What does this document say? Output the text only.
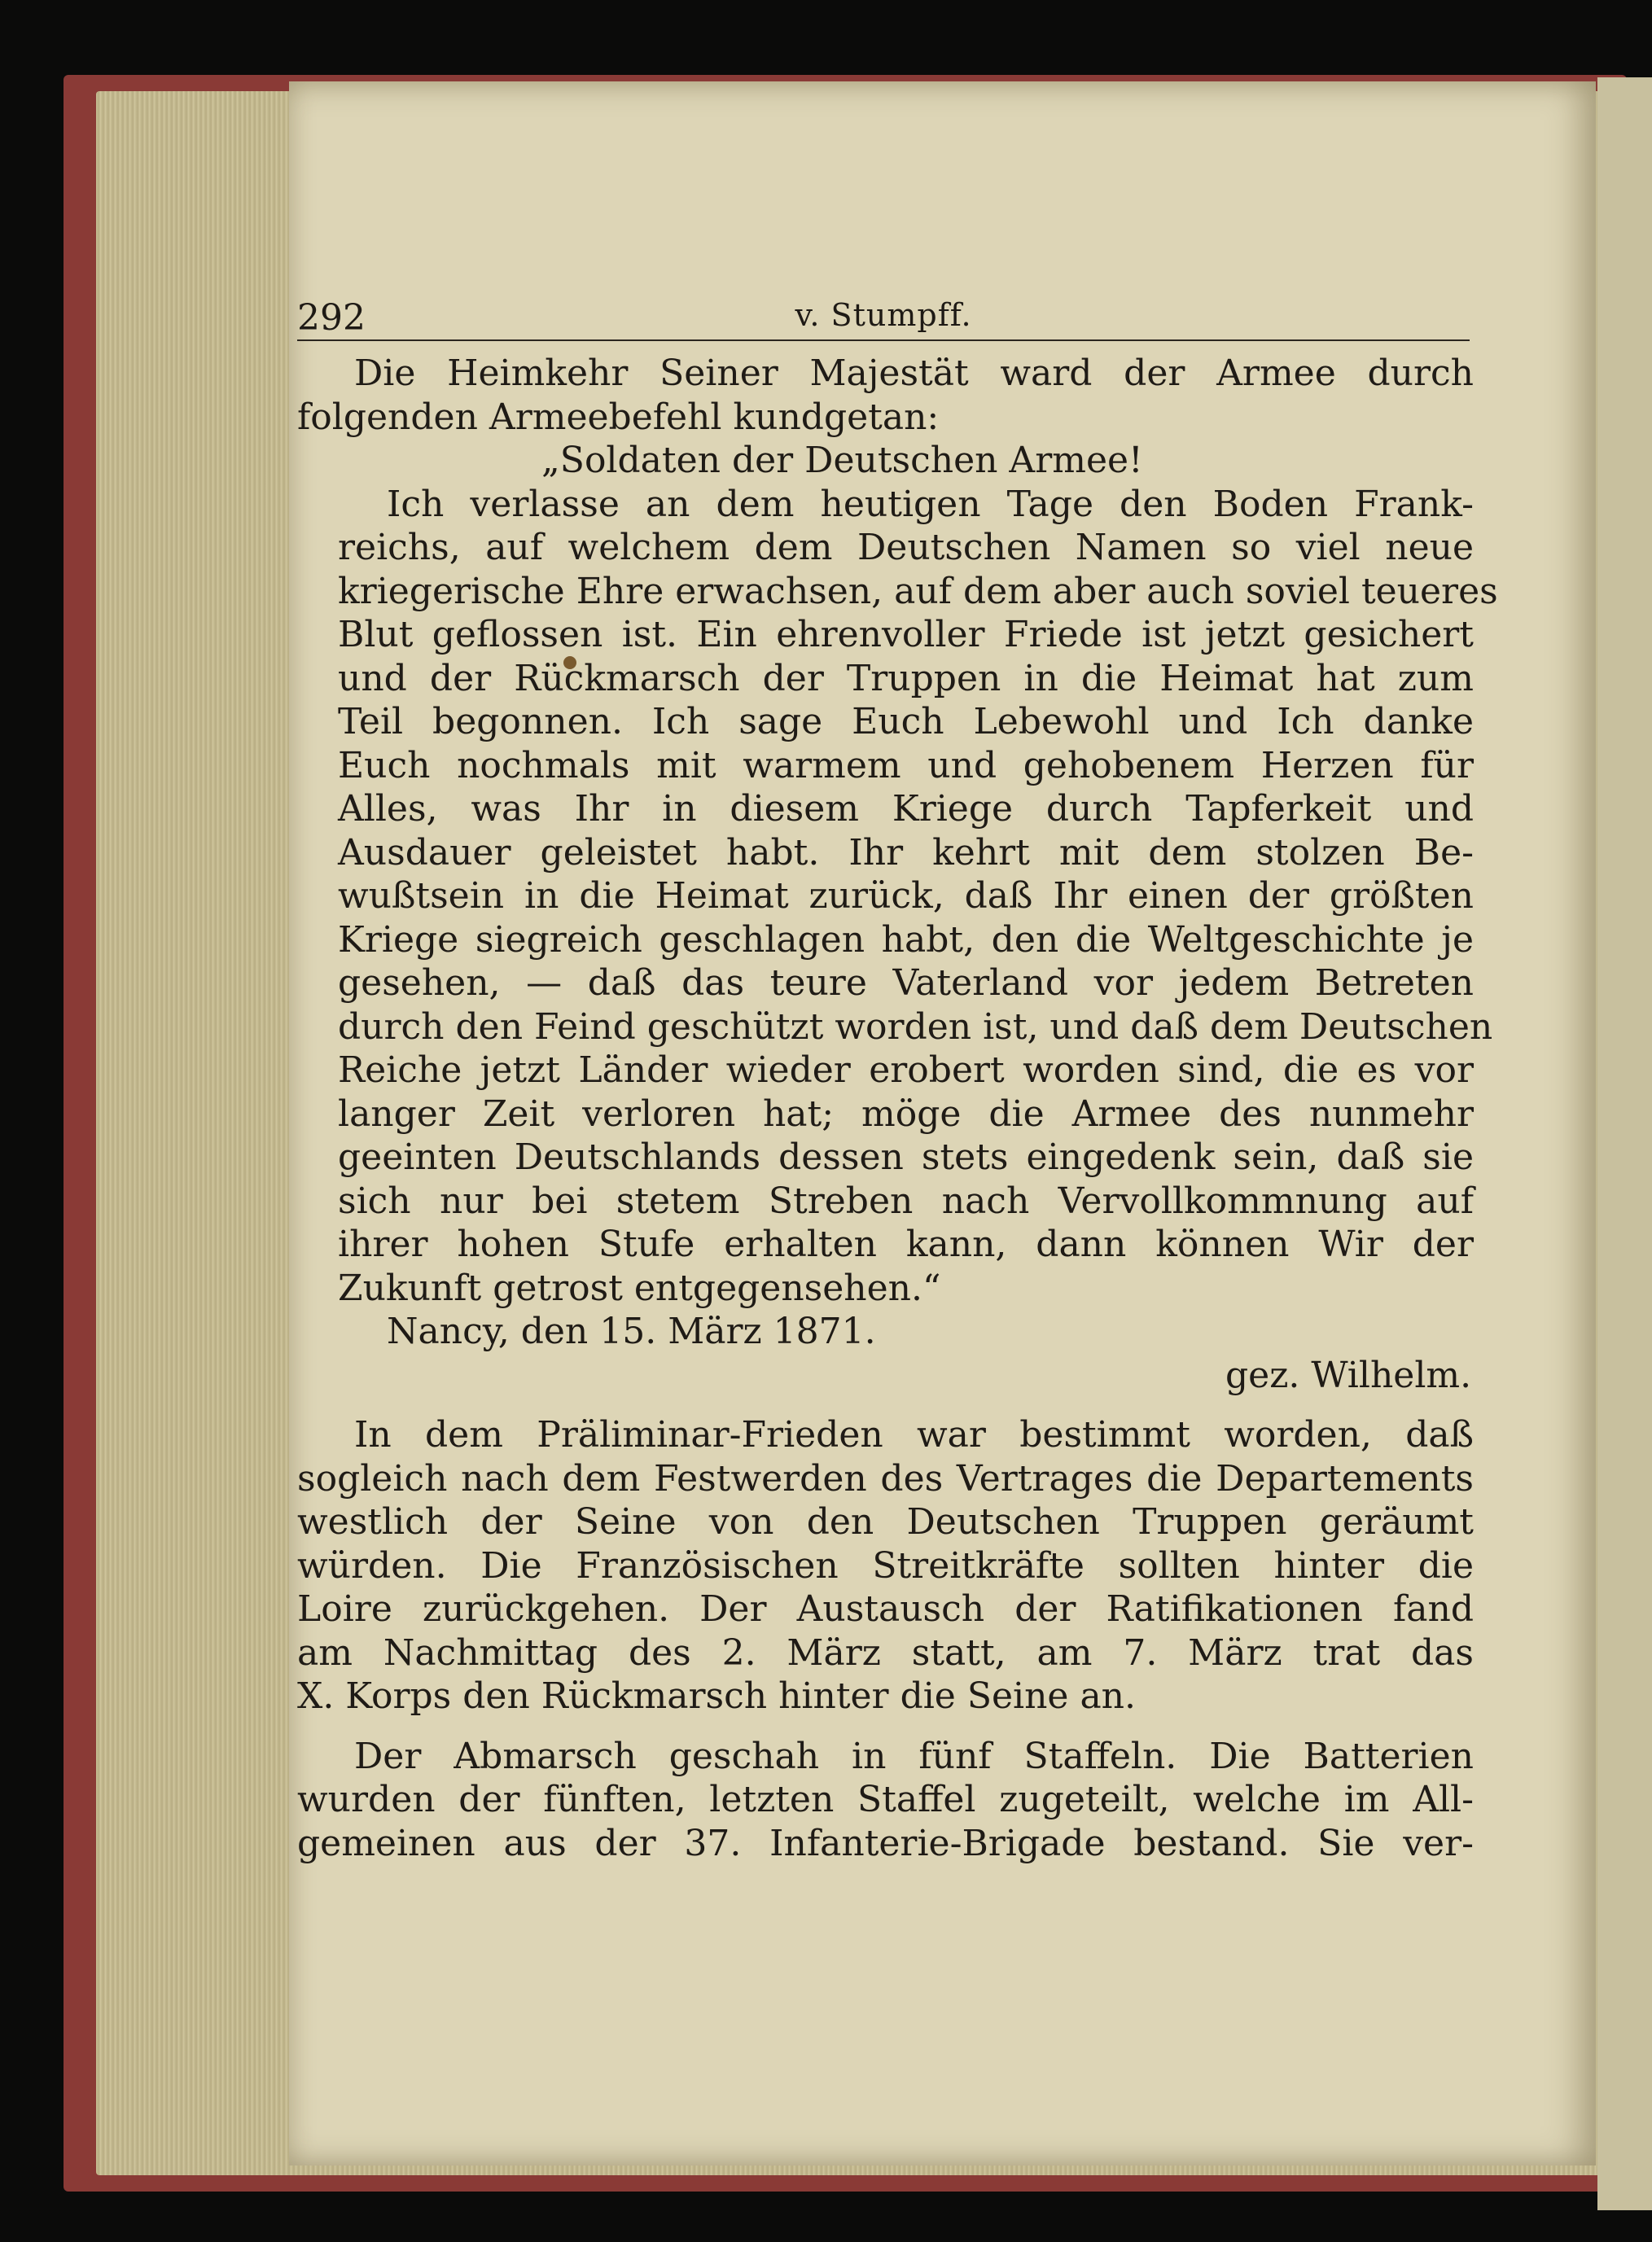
292	v. Stumpff.
Die Heimkehr Seiner Majestät ward der Armee durch
folgenden Armeebefehl kundgetan:
„Soldaten der Deutschen Armee!
Ich verlasse an dem heutigen Tage den Boden Frank-
reichs, auf welchem dem Deutschen Namen so viel neue
kriegerische Ehre erwachsen, auf dem aber auch soviel teueres
Blut geflossen ist. Ein ehrenvoller Friede ist jetzt gesichert
und der Rückmarsch der Truppen in die Heimat hat zum
Teil begonnen. Ich sage Euch Lebewohl und Ich danke
Euch nochmals mit warmem und gehobenem Herzen für
Alles, was Ihr in diesem Kriege durch Tapferkeit und
Ausdauer geleistet habt. Ihr kehrt mit dem stolzen Be-
wußtsein in die Heimat zurück, daß Ihr einen der größten
Kriege siegreich geschlagen habt, den die Weltgeschichte je
gesehen, — daß das teure Vaterland vor jedem Betreten
durch den Feind geschützt worden ist, und daß dem Deutschen
Reiche jetzt Länder wieder erobert worden sind, die es vor
langer Zeit verloren hat; möge die Armee des nunmehr
geeinten Deutschlands dessen stets eingedenk sein, daß sie
sich nur bei stetem Streben nach Vervollkommnung auf
ihrer hohen Stufe erhalten kann, dann können Wir der
Zukunft getrost entgegensehen.“
Nancy, den 15. März 1871.
gez. Wilhelm.
In dem Präliminar-Frieden war bestimmt worden, daß
sogleich nach dem Festwerden des Vertrages die Departements
westlich der Seine von den Deutschen Truppen geräumt
würden. Die Französischen Streitkräfte sollten hinter die
Loire zurückgehen. Der Austausch der Ratifikationen fand
am Nachmittag des 2. März statt, am 7. März trat das
X. Korps den Rückmarsch hinter die Seine an.
Der Abmarsch geschah in fünf Staffeln. Die Batterien
wurden der fünften, letzten Staffel zugeteilt, welche im All-
gemeinen aus der 37. Infanterie-Brigade bestand. Sie ver-
